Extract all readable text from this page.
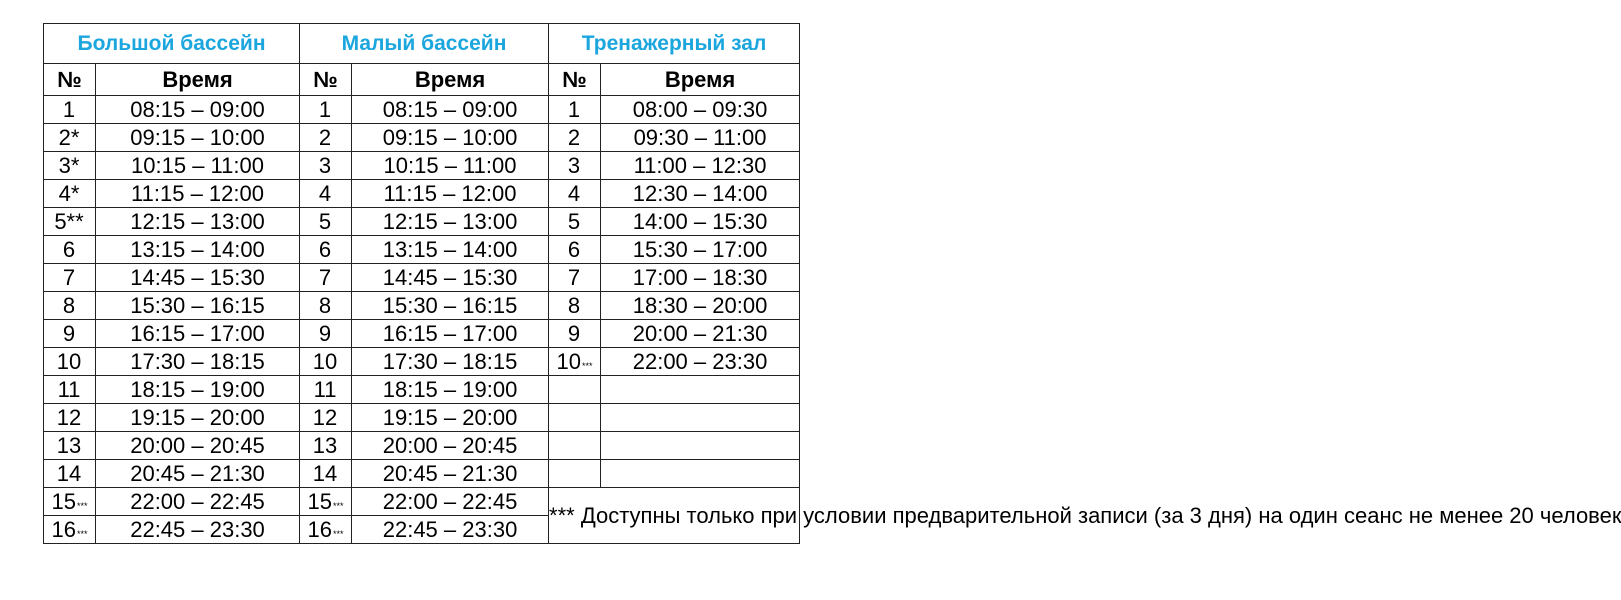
Большой бассейн		Малый бассейн		Тренажерный зал	
№	Время	№	Время	№	Время
1	08:15 – 09:00	1	08:15 – 09:00	1	08:00 – 09:30
2*	09:15 – 10:00	2	09:15 – 10:00	2	09:30 – 11:00
3*	10:15 – 11:00	3	10:15 – 11:00	3	11:00 – 12:30
4*	11:15 – 12:00	4	11:15 – 12:00	4	12:30 – 14:00
5**	12:15 – 13:00	5	12:15 – 13:00	5	14:00 – 15:30
6	13:15 – 14:00	6	13:15 – 14:00	6	15:30 – 17:00
7	14:45 – 15:30	7	14:45 – 15:30	7	17:00 – 18:30
8	15:30 – 16:15	8	15:30 – 16:15	8	18:30 – 20:00
9	16:15 – 17:00	9	16:15 – 17:00	9	20:00 – 21:30
10	17:30 – 18:15	10	17:30 – 18:15	10***	22:00 – 23:30
11	18:15 – 19:00	11	18:15 – 19:00		
12	19:15 – 20:00	12	19:15 – 20:00		
13	20:00 – 20:45	13	20:00 – 20:45		
14	20:45 – 21:30	14	20:45 – 21:30		
15***	22:00 – 22:45	15***	22:00 – 22:45	*** Доступны только при условии предварительной записи (за 3 дня) на один сеанс не менее 20 человек	
16***	22:45 – 23:30	16***	22:45 – 23:30		
